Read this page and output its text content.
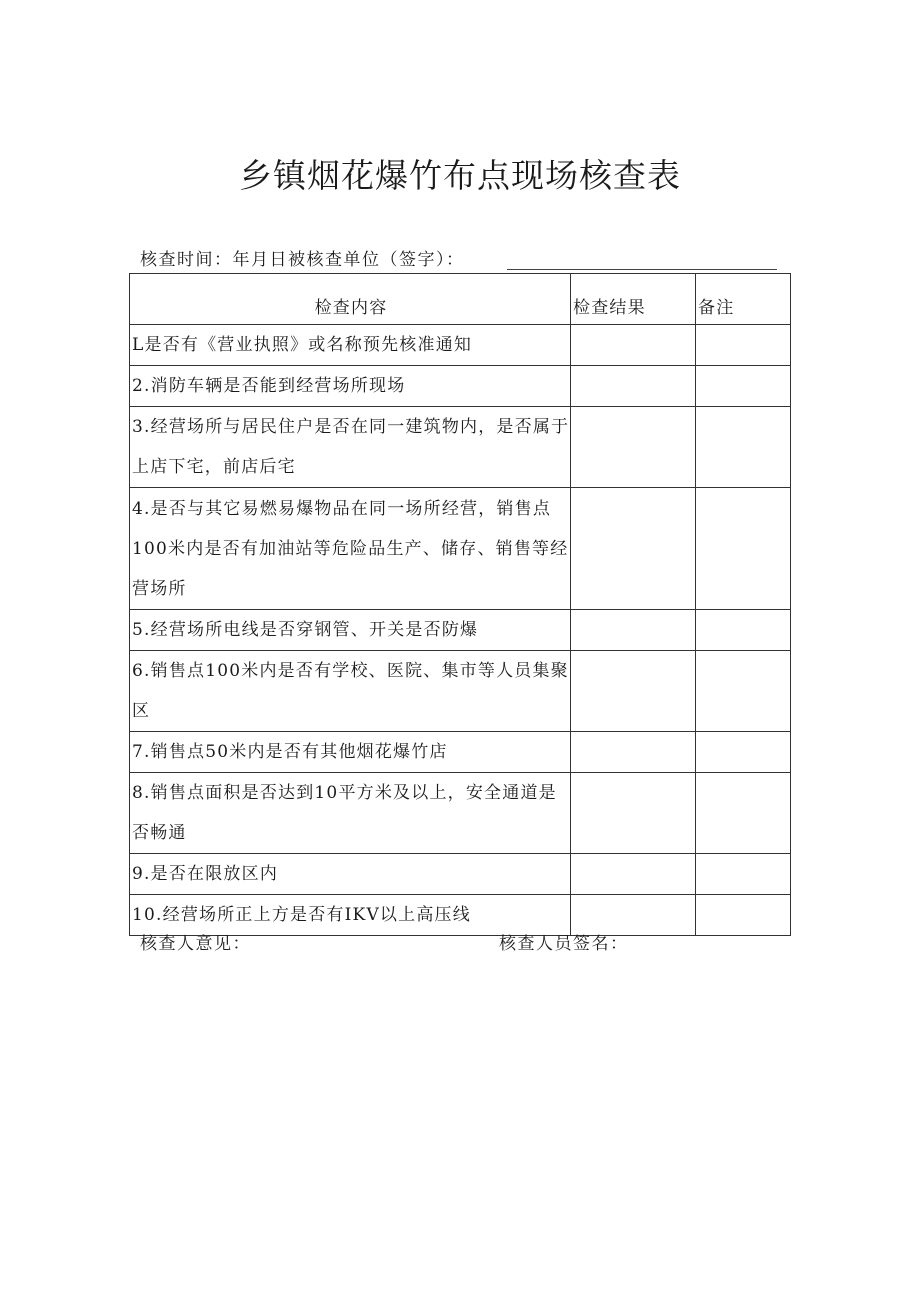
乡镇烟花爆竹布点现场核查表
核查时间：年月日被核查单位（签字）：
检查内容	检查结果	备注
L是否有《营业执照》或名称预先核准通知		
2.消防车辆是否能到经营场所现场		
3.经营场所与居民住户是否在同一建筑物内，是否属于上店下宅，前店后宅		
4.是否与其它易燃易爆物品在同一场所经营，销售点100米内是否有加油站等危险品生产、储存、销售等经营场所		
5.经营场所电线是否穿钢管、开关是否防爆		
6.销售点100米内是否有学校、医院、集市等人员集聚区		
7.销售点50米内是否有其他烟花爆竹店		
8.销售点面积是否达到10平方米及以上，安全通道是否畅通		
9.是否在限放区内		
10.经营场所正上方是否有IKV以上高压线		
核查人意见：	核查人员签名：
